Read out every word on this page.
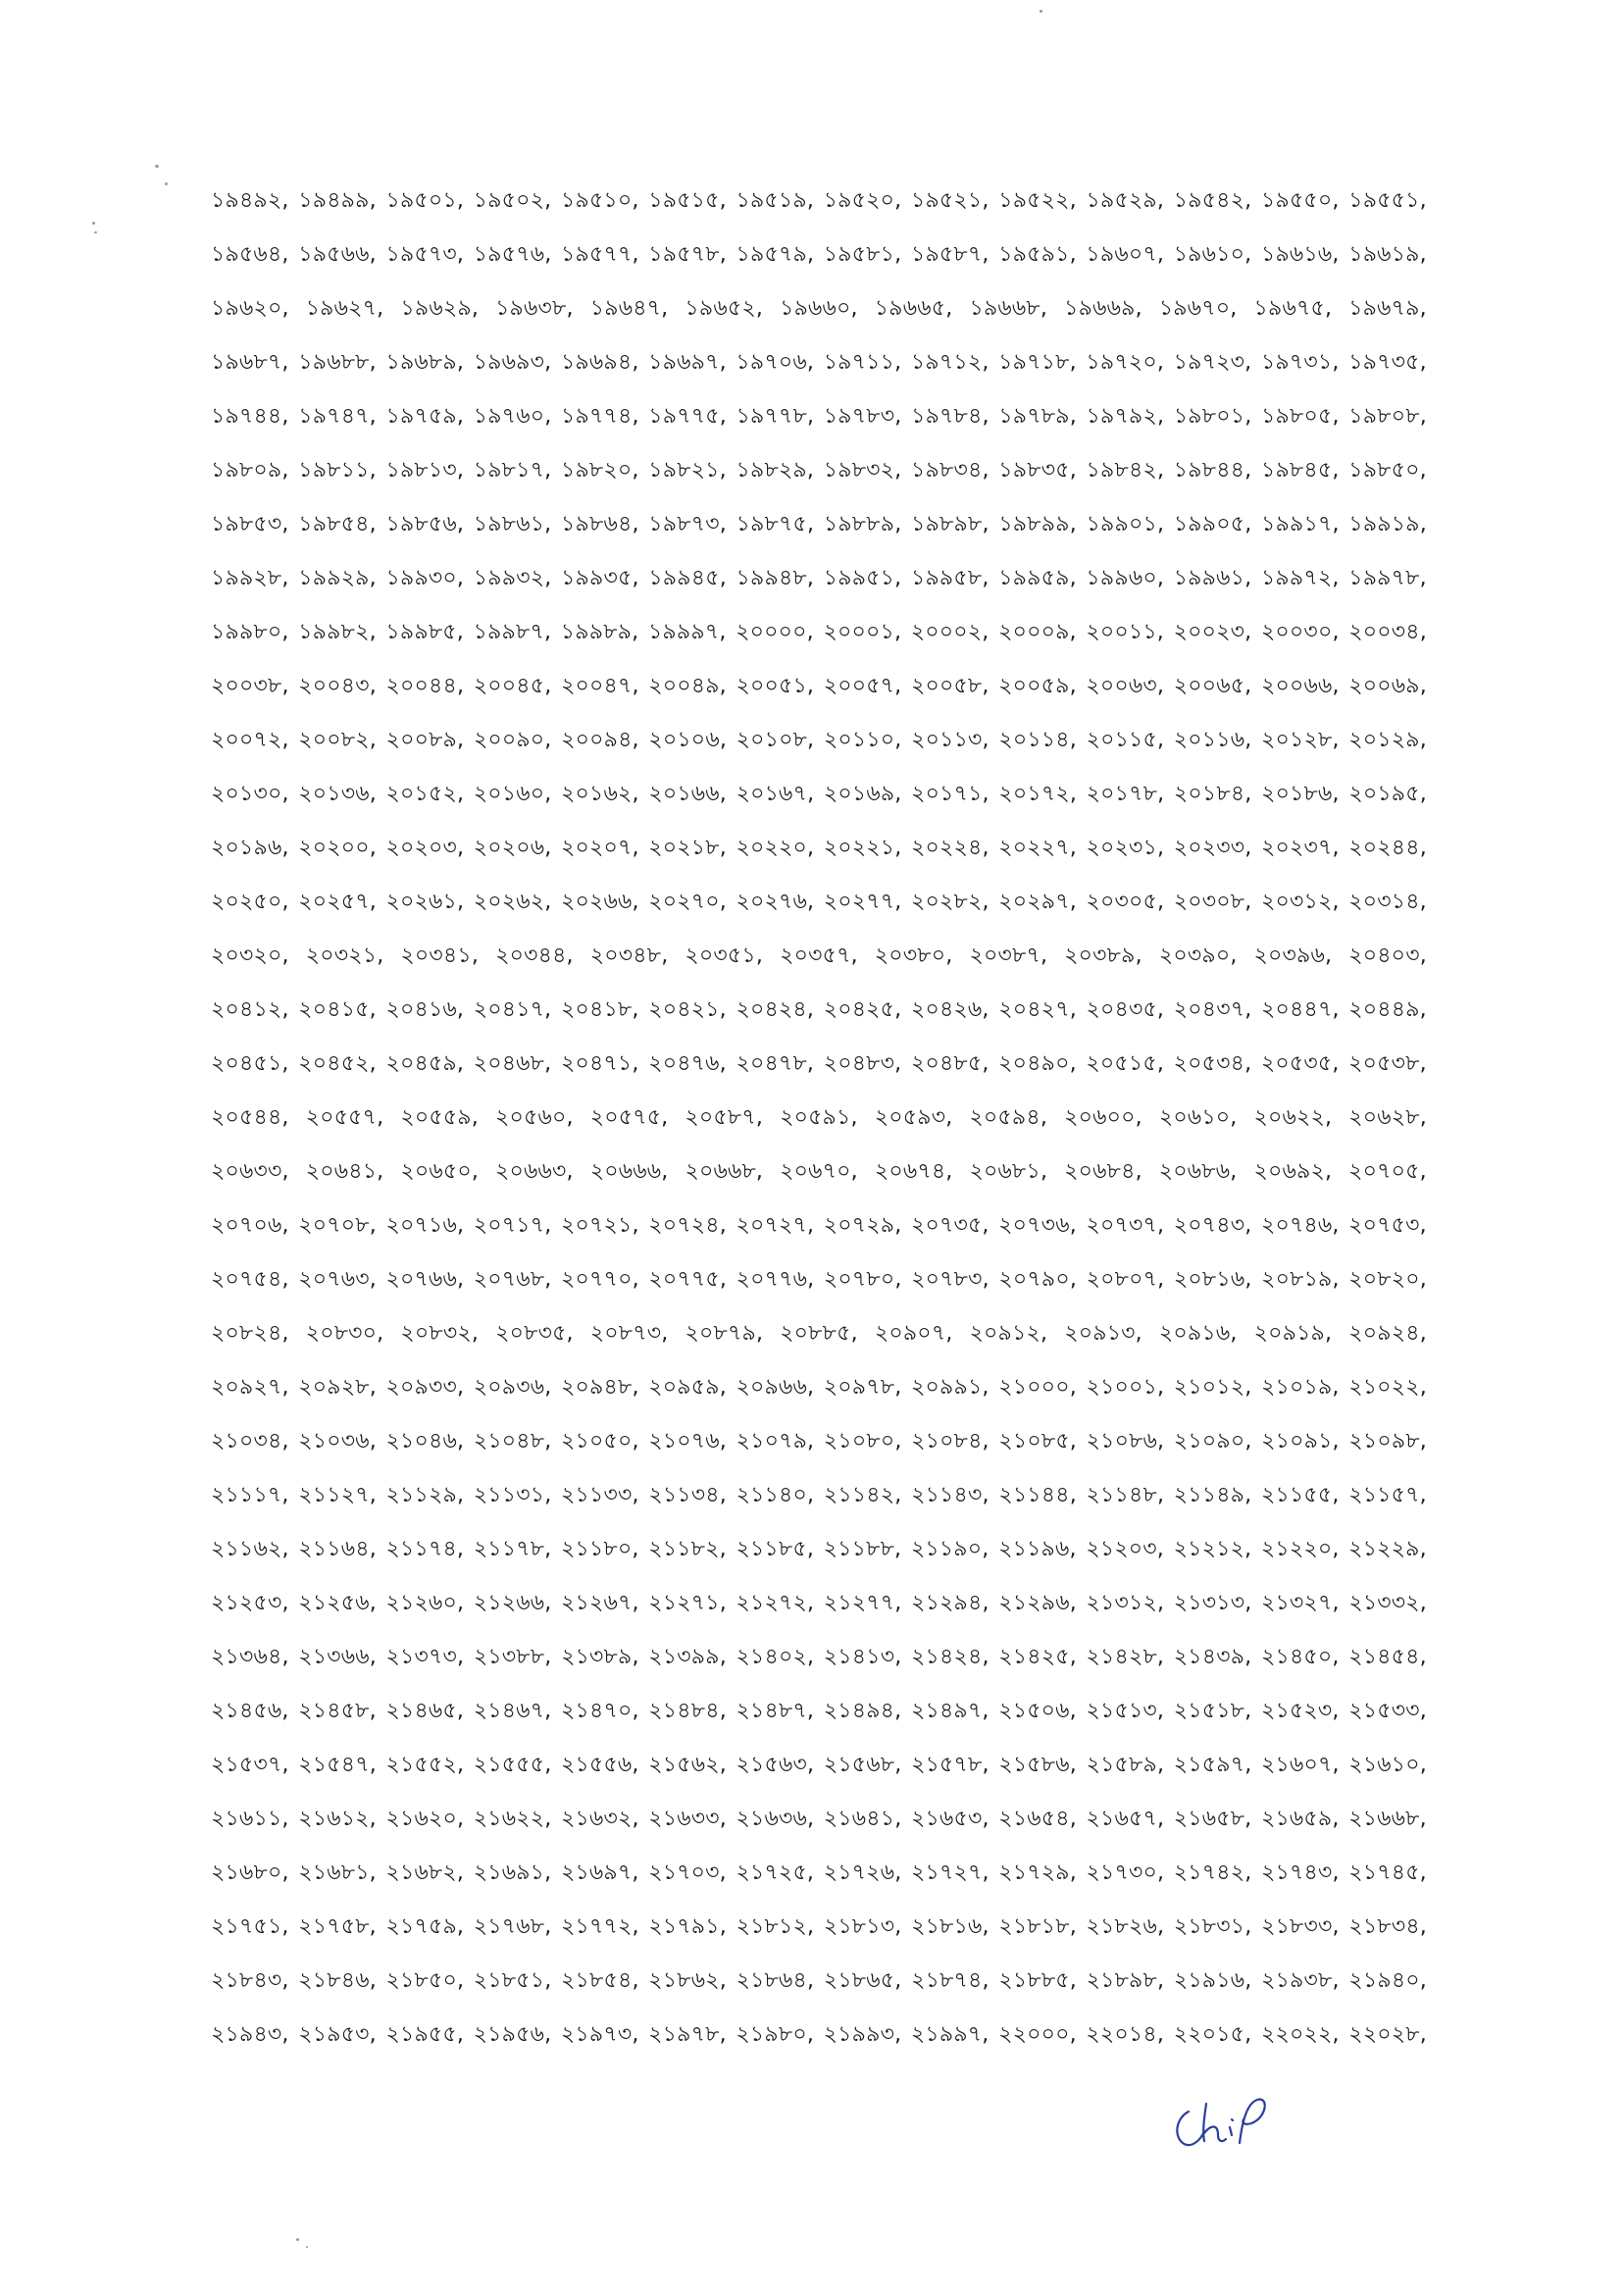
১৯৪৯২, ১৯৪৯৯, ১৯৫০১, ১৯৫০২, ১৯৫১০, ১৯৫১৫, ১৯৫১৯, ১৯৫২০, ১৯৫২১, ১৯৫২২, ১৯৫২৯, ১৯৫৪২, ১৯৫৫০, ১৯৫৫১,
১৯৫৬৪, ১৯৫৬৬, ১৯৫৭৩, ১৯৫৭৬, ১৯৫৭৭, ১৯৫৭৮, ১৯৫৭৯, ১৯৫৮১, ১৯৫৮৭, ১৯৫৯১, ১৯৬০৭, ১৯৬১০, ১৯৬১৬, ১৯৬১৯,
১৯৬২০, ১৯৬২৭, ১৯৬২৯, ১৯৬৩৮, ১৯৬৪৭, ১৯৬৫২, ১৯৬৬০, ১৯৬৬৫, ১৯৬৬৮, ১৯৬৬৯, ১৯৬৭০, ১৯৬৭৫, ১৯৬৭৯,
১৯৬৮৭, ১৯৬৮৮, ১৯৬৮৯, ১৯৬৯৩, ১৯৬৯৪, ১৯৬৯৭, ১৯৭০৬, ১৯৭১১, ১৯৭১২, ১৯৭১৮, ১৯৭২০, ১৯৭২৩, ১৯৭৩১, ১৯৭৩৫,
১৯৭৪৪, ১৯৭৪৭, ১৯৭৫৯, ১৯৭৬০, ১৯৭৭৪, ১৯৭৭৫, ১৯৭৭৮, ১৯৭৮৩, ১৯৭৮৪, ১৯৭৮৯, ১৯৭৯২, ১৯৮০১, ১৯৮০৫, ১৯৮০৮,
১৯৮০৯, ১৯৮১১, ১৯৮১৩, ১৯৮১৭, ১৯৮২০, ১৯৮২১, ১৯৮২৯, ১৯৮৩২, ১৯৮৩৪, ১৯৮৩৫, ১৯৮৪২, ১৯৮৪৪, ১৯৮৪৫, ১৯৮৫০,
১৯৮৫৩, ১৯৮৫৪, ১৯৮৫৬, ১৯৮৬১, ১৯৮৬৪, ১৯৮৭৩, ১৯৮৭৫, ১৯৮৮৯, ১৯৮৯৮, ১৯৮৯৯, ১৯৯০১, ১৯৯০৫, ১৯৯১৭, ১৯৯১৯,
১৯৯২৮, ১৯৯২৯, ১৯৯৩০, ১৯৯৩২, ১৯৯৩৫, ১৯৯৪৫, ১৯৯৪৮, ১৯৯৫১, ১৯৯৫৮, ১৯৯৫৯, ১৯৯৬০, ১৯৯৬১, ১৯৯৭২, ১৯৯৭৮,
১৯৯৮০, ১৯৯৮২, ১৯৯৮৫, ১৯৯৮৭, ১৯৯৮৯, ১৯৯৯৭, ২০০০০, ২০০০১, ২০০০২, ২০০০৯, ২০০১১, ২০০২৩, ২০০৩০, ২০০৩৪,
২০০৩৮, ২০০৪৩, ২০০৪৪, ২০০৪৫, ২০০৪৭, ২০০৪৯, ২০০৫১, ২০০৫৭, ২০০৫৮, ২০০৫৯, ২০০৬৩, ২০০৬৫, ২০০৬৬, ২০০৬৯,
২০০৭২, ২০০৮২, ২০০৮৯, ২০০৯০, ২০০৯৪, ২০১০৬, ২০১০৮, ২০১১০, ২০১১৩, ২০১১৪, ২০১১৫, ২০১১৬, ২০১২৮, ২০১২৯,
২০১৩০, ২০১৩৬, ২০১৫২, ২০১৬০, ২০১৬২, ২০১৬৬, ২০১৬৭, ২০১৬৯, ২০১৭১, ২০১৭২, ২০১৭৮, ২০১৮৪, ২০১৮৬, ২০১৯৫,
২০১৯৬, ২০২০০, ২০২০৩, ২০২০৬, ২০২০৭, ২০২১৮, ২০২২০, ২০২২১, ২০২২৪, ২০২২৭, ২০২৩১, ২০২৩৩, ২০২৩৭, ২০২৪৪,
২০২৫০, ২০২৫৭, ২০২৬১, ২০২৬২, ২০২৬৬, ২০২৭০, ২০২৭৬, ২০২৭৭, ২০২৮২, ২০২৯৭, ২০৩০৫, ২০৩০৮, ২০৩১২, ২০৩১৪,
২০৩২০, ২০৩২১, ২০৩৪১, ২০৩৪৪, ২০৩৪৮, ২০৩৫১, ২০৩৫৭, ২০৩৮০, ২০৩৮৭, ২০৩৮৯, ২০৩৯০, ২০৩৯৬, ২০৪০৩,
২০৪১২, ২০৪১৫, ২০৪১৬, ২০৪১৭, ২০৪১৮, ২০৪২১, ২০৪২৪, ২০৪২৫, ২০৪২৬, ২০৪২৭, ২০৪৩৫, ২০৪৩৭, ২০৪৪৭, ২০৪৪৯,
২০৪৫১, ২০৪৫২, ২০৪৫৯, ২০৪৬৮, ২০৪৭১, ২০৪৭৬, ২০৪৭৮, ২০৪৮৩, ২০৪৮৫, ২০৪৯০, ২০৫১৫, ২০৫৩৪, ২০৫৩৫, ২০৫৩৮,
২০৫৪৪, ২০৫৫৭, ২০৫৫৯, ২০৫৬০, ২০৫৭৫, ২০৫৮৭, ২০৫৯১, ২০৫৯৩, ২০৫৯৪, ২০৬০০, ২০৬১০, ২০৬২২, ২০৬২৮,
২০৬৩৩, ২০৬৪১, ২০৬৫০, ২০৬৬৩, ২০৬৬৬, ২০৬৬৮, ২০৬৭০, ২০৬৭৪, ২০৬৮১, ২০৬৮৪, ২০৬৮৬, ২০৬৯২, ২০৭০৫,
২০৭০৬, ২০৭০৮, ২০৭১৬, ২০৭১৭, ২০৭২১, ২০৭২৪, ২০৭২৭, ২০৭২৯, ২০৭৩৫, ২০৭৩৬, ২০৭৩৭, ২০৭৪৩, ২০৭৪৬, ২০৭৫৩,
২০৭৫৪, ২০৭৬৩, ২০৭৬৬, ২০৭৬৮, ২০৭৭০, ২০৭৭৫, ২০৭৭৬, ২০৭৮০, ২০৭৮৩, ২০৭৯০, ২০৮০৭, ২০৮১৬, ২০৮১৯, ২০৮২০,
২০৮২৪, ২০৮৩০, ২০৮৩২, ২০৮৩৫, ২০৮৭৩, ২০৮৭৯, ২০৮৮৫, ২০৯০৭, ২০৯১২, ২০৯১৩, ২০৯১৬, ২০৯১৯, ২০৯২৪,
২০৯২৭, ২০৯২৮, ২০৯৩৩, ২০৯৩৬, ২০৯৪৮, ২০৯৫৯, ২০৯৬৬, ২০৯৭৮, ২০৯৯১, ২১০০০, ২১০০১, ২১০১২, ২১০১৯, ২১০২২,
২১০৩৪, ২১০৩৬, ২১০৪৬, ২১০৪৮, ২১০৫০, ২১০৭৬, ২১০৭৯, ২১০৮০, ২১০৮৪, ২১০৮৫, ২১০৮৬, ২১০৯০, ২১০৯১, ২১০৯৮,
২১১১৭, ২১১২৭, ২১১২৯, ২১১৩১, ২১১৩৩, ২১১৩৪, ২১১৪০, ২১১৪২, ২১১৪৩, ২১১৪৪, ২১১৪৮, ২১১৪৯, ২১১৫৫, ২১১৫৭,
২১১৬২, ২১১৬৪, ২১১৭৪, ২১১৭৮, ২১১৮০, ২১১৮২, ২১১৮৫, ২১১৮৮, ২১১৯০, ২১১৯৬, ২১২০৩, ২১২১২, ২১২২০, ২১২২৯,
২১২৫৩, ২১২৫৬, ২১২৬০, ২১২৬৬, ২১২৬৭, ২১২৭১, ২১২৭২, ২১২৭৭, ২১২৯৪, ২১২৯৬, ২১৩১২, ২১৩১৩, ২১৩২৭, ২১৩৩২,
২১৩৬৪, ২১৩৬৬, ২১৩৭৩, ২১৩৮৮, ২১৩৮৯, ২১৩৯৯, ২১৪০২, ২১৪১৩, ২১৪২৪, ২১৪২৫, ২১৪২৮, ২১৪৩৯, ২১৪৫০, ২১৪৫৪,
২১৪৫৬, ২১৪৫৮, ২১৪৬৫, ২১৪৬৭, ২১৪৭০, ২১৪৮৪, ২১৪৮৭, ২১৪৯৪, ২১৪৯৭, ২১৫০৬, ২১৫১৩, ২১৫১৮, ২১৫২৩, ২১৫৩৩,
২১৫৩৭, ২১৫৪৭, ২১৫৫২, ২১৫৫৫, ২১৫৫৬, ২১৫৬২, ২১৫৬৩, ২১৫৬৮, ২১৫৭৮, ২১৫৮৬, ২১৫৮৯, ২১৫৯৭, ২১৬০৭, ২১৬১০,
২১৬১১, ২১৬১২, ২১৬২০, ২১৬২২, ২১৬৩২, ২১৬৩৩, ২১৬৩৬, ২১৬৪১, ২১৬৫৩, ২১৬৫৪, ২১৬৫৭, ২১৬৫৮, ২১৬৫৯, ২১৬৬৮,
২১৬৮০, ২১৬৮১, ২১৬৮২, ২১৬৯১, ২১৬৯৭, ২১৭০৩, ২১৭২৫, ২১৭২৬, ২১৭২৭, ২১৭২৯, ২১৭৩০, ২১৭৪২, ২১৭৪৩, ২১৭৪৫,
২১৭৫১, ২১৭৫৮, ২১৭৫৯, ২১৭৬৮, ২১৭৭২, ২১৭৯১, ২১৮১২, ২১৮১৩, ২১৮১৬, ২১৮১৮, ২১৮২৬, ২১৮৩১, ২১৮৩৩, ২১৮৩৪,
২১৮৪৩, ২১৮৪৬, ২১৮৫০, ২১৮৫১, ২১৮৫৪, ২১৮৬২, ২১৮৬৪, ২১৮৬৫, ২১৮৭৪, ২১৮৮৫, ২১৮৯৮, ২১৯১৬, ২১৯৩৮, ২১৯৪০,
২১৯৪৩, ২১৯৫৩, ২১৯৫৫, ২১৯৫৬, ২১৯৭৩, ২১৯৭৮, ২১৯৮০, ২১৯৯৩, ২১৯৯৭, ২২০০০, ২২০১৪, ২২০১৫, ২২০২২, ২২০২৮,
